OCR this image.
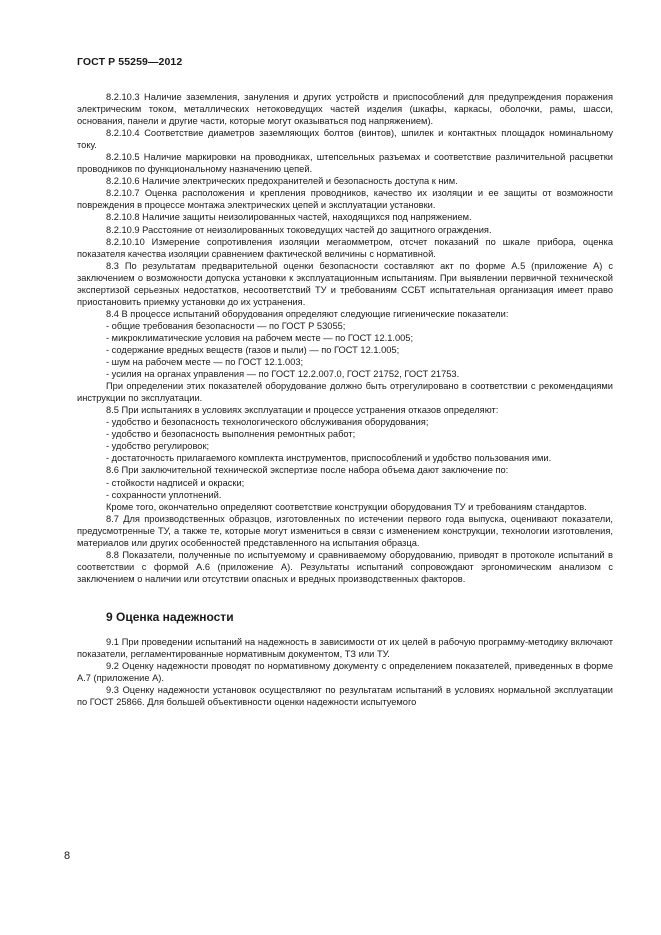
ГОСТ Р 55259—2012

8.2.10.3 Наличие заземления, зануления и других устройств и приспособлений для предупреждения поражения электрическим током, металлических нетоковедущих частей изделия (шкафы, каркасы, оболочки, рамы, шасси, основания, панели и другие части, которые могут оказываться под напряжением).

8.2.10.4 Соответствие диаметров заземляющих болтов (винтов), шпилек и контактных площадок номинальному току.

8.2.10.5 Наличие маркировки на проводниках, штепсельных разъемах и соответствие различительной расцветки проводников по функциональному назначению цепей.

8.2.10.6 Наличие электрических предохранителей и безопасность доступа к ним.

8.2.10.7 Оценка расположения и крепления проводников, качество их изоляции и ее защиты от возможности повреждения в процессе монтажа электрических цепей и эксплуатации установки.

8.2.10.8 Наличие защиты неизолированных частей, находящихся под напряжением.

8.2.10.9 Расстояние от неизолированных токоведущих частей до защитного ограждения.

8.2.10.10 Измерение сопротивления изоляции мегаомметром, отсчет показаний по шкале прибора, оценка показателя качества изоляции сравнением фактической величины с нормативной.

8.3 По результатам предварительной оценки безопасности составляют акт по форме А.5 (приложение А) с заключением о возможности допуска установки к эксплуатационным испытаниям. При выявлении первичной технической экспертизой серьезных недостатков, несоответствий ТУ и требованиям ССБТ испытательная организация имеет право приостановить приемку установки до их устранения.

8.4 В процессе испытаний оборудования определяют следующие гигиенические показатели:

- общие требования безопасности — по ГОСТ Р 53055;

- микроклиматические условия на рабочем месте — по ГОСТ 12.1.005;

- содержание вредных веществ (газов и пыли) — по ГОСТ 12.1.005;

- шум на рабочем месте — по ГОСТ 12.1.003;

- усилия на органах управления — по ГОСТ 12.2.007.0, ГОСТ 21752, ГОСТ 21753.

При определении этих показателей оборудование должно быть отрегулировано в соответствии с рекомендациями инструкции по эксплуатации.

8.5 При испытаниях в условиях эксплуатации и процессе устранения отказов определяют:

- удобство и безопасность технологического обслуживания оборудования;

- удобство и безопасность выполнения ремонтных работ;

- удобство регулировок;

- достаточность прилагаемого комплекта инструментов, приспособлений и удобство пользования ими.

8.6 При заключительной технической экспертизе после набора объема дают заключение по:

- стойкости надписей и окраски;

- сохранности уплотнений.

Кроме того, окончательно определяют соответствие конструкции оборудования ТУ и требованиям стандартов.

8.7 Для производственных образцов, изготовленных по истечении первого года выпуска, оценивают показатели, предусмотренные ТУ, а также те, которые могут измениться в связи с изменением конструкции, технологии изготовления, материалов или других особенностей представленного на испытания образца.

8.8 Показатели, полученные по испытуемому и сравниваемому оборудованию, приводят в протоколе испытаний в соответствии с формой А.6 (приложение А). Результаты испытаний сопровождают эргономическим анализом с заключением о наличии или отсутствии опасных и вредных производственных факторов.

9 Оценка надежности

9.1 При проведении испытаний на надежность в зависимости от их целей в рабочую программу-методику включают показатели, регламентированные нормативным документом, ТЗ или ТУ.

9.2 Оценку надежности проводят по нормативному документу с определением показателей, приведенных в форме А.7 (приложение А).

9.3 Оценку надежности установок осуществляют по результатам испытаний в условиях нормальной эксплуатации по ГОСТ 25866. Для большей объективности оценки надежности испытуемого

8
